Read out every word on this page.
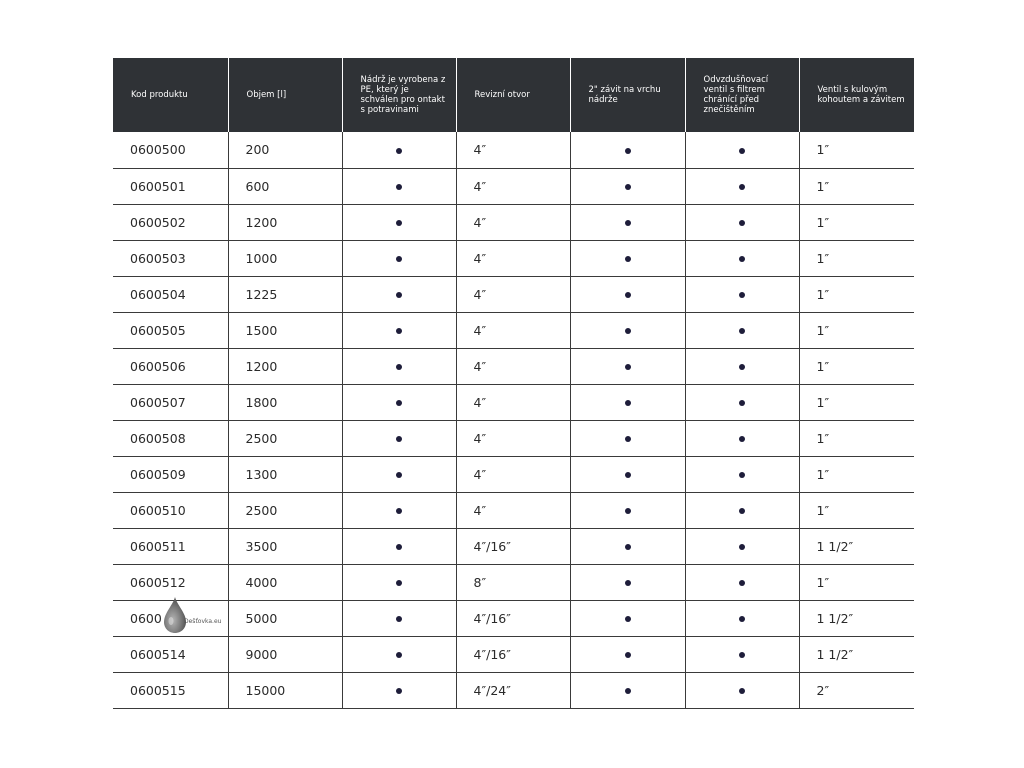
Kod produktu	Objem [l]	Nádrž je vyrobena z PE, který je schválen pro ontakt s potravinami	Revizní otvor	2" závit na vrchu nádrže	Odvzdušňovací ventil s filtrem chránící před znečištěním	Ventil s kulovým kohoutem a závitem
0600500	200		4″			1″
0600501	600		4″			1″
0600502	1200		4″			1″
0600503	1000		4″			1″
0600504	1225		4″			1″
0600505	1500		4″			1″
0600506	1200		4″			1″
0600507	1800		4″			1″
0600508	2500		4″			1″
0600509	1300		4″			1″
0600510	2500		4″			1″
0600511	3500		4″/16″			1 1/2″
0600512	4000		8″			1″
0600	5000		4″/16″			1 1/2″
0600514	9000		4″/16″			1 1/2″
0600515	15000		4″/24″			2″
Dešťovka.eu
